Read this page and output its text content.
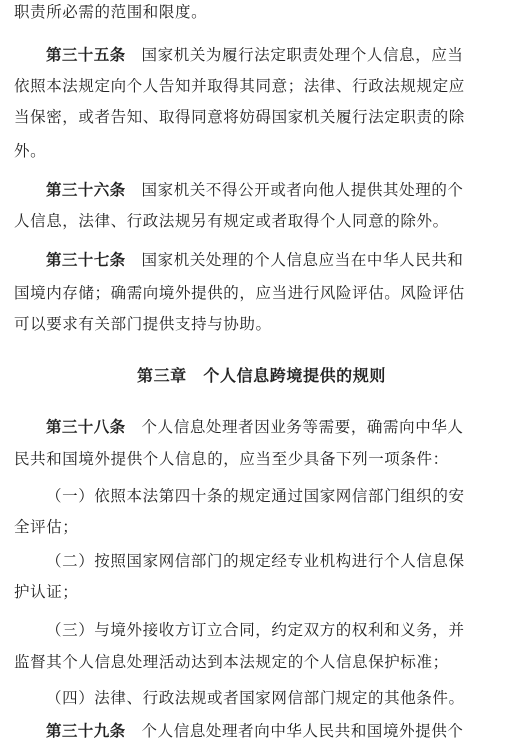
职责所必需的范围和限度。
第三十五条 国家机关为履行法定职责处理个人信息，应当
依照本法规定向个人告知并取得其同意；法律、行政法规规定应
当保密，或者告知、取得同意将妨碍国家机关履行法定职责的除
外。
第三十六条 国家机关不得公开或者向他人提供其处理的个
人信息，法律、行政法规另有规定或者取得个人同意的除外。
第三十七条 国家机关处理的个人信息应当在中华人民共和
国境内存储；确需向境外提供的，应当进行风险评估。风险评估
可以要求有关部门提供支持与协助。
第三章　个人信息跨境提供的规则
第三十八条 个人信息处理者因业务等需要，确需向中华人
民共和国境外提供个人信息的，应当至少具备下列一项条件：
（一）依照本法第四十条的规定通过国家网信部门组织的安
全评估；
（二）按照国家网信部门的规定经专业机构进行个人信息保
护认证；
（三）与境外接收方订立合同，约定双方的权利和义务，并
监督其个人信息处理活动达到本法规定的个人信息保护标准；
（四）法律、行政法规或者国家网信部门规定的其他条件。
第三十九条 个人信息处理者向中华人民共和国境外提供个
